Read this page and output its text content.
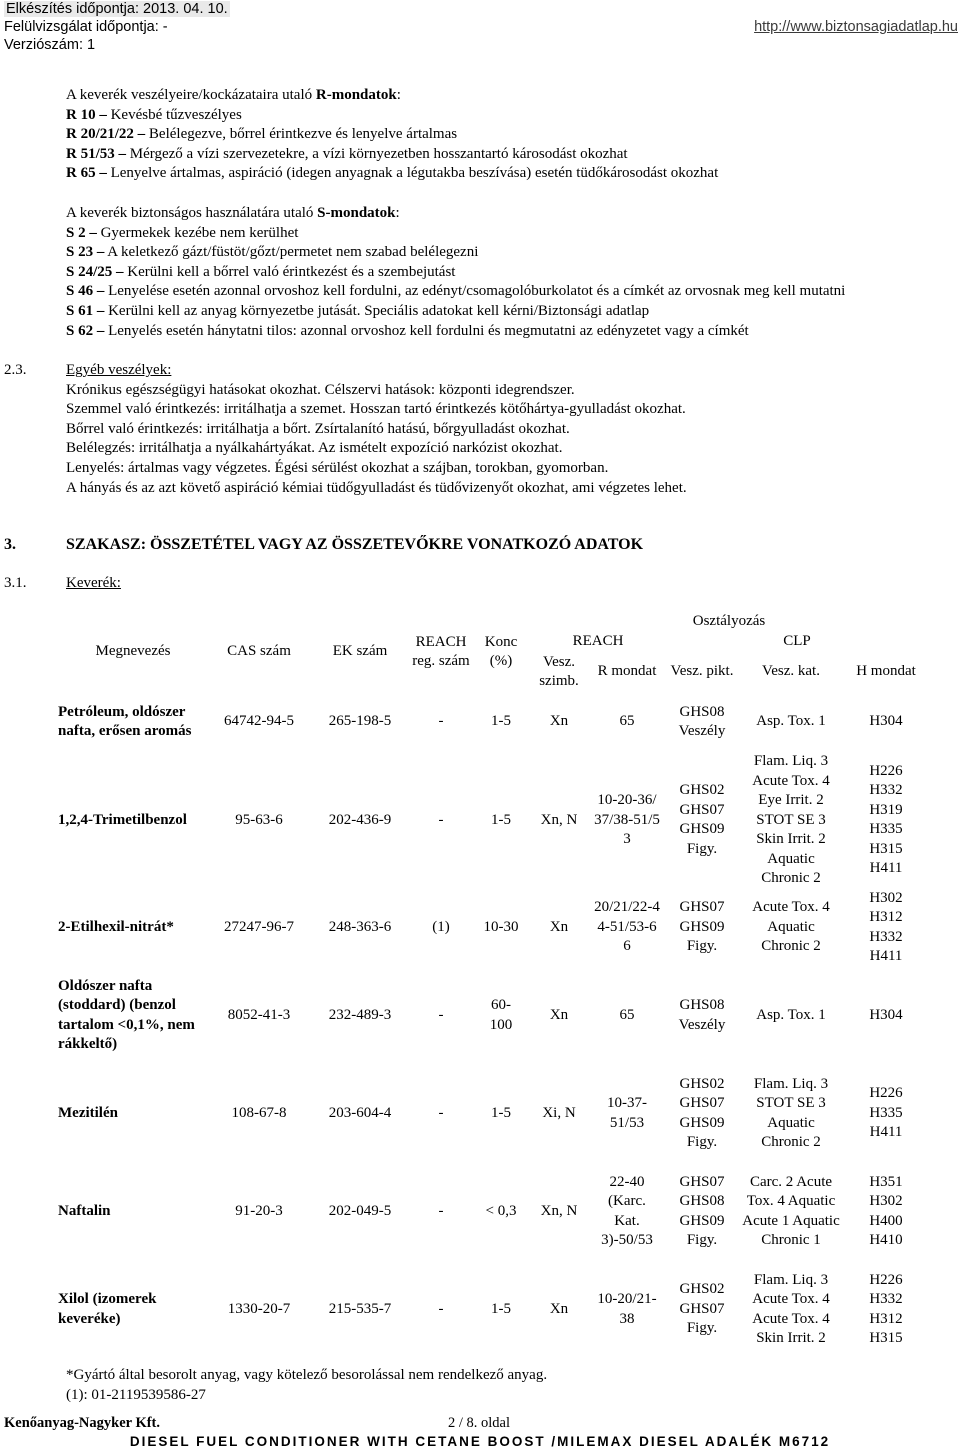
Elkészítés időpontja: 2013. 04. 10.
Felülvizsgálat időpontja: -
Verziószám: 1
http://www.biztonsagiadatlap.hu
A keverék veszélyeire/kockázataira utaló R-mondatok:
R 10 – Kevésbé tűzveszélyes
R 20/21/22 – Belélegezve, bőrrel érintkezve és lenyelve ártalmas
R 51/53 – Mérgező a vízi szervezetekre, a vízi környezetben hosszantartó károsodást okozhat
R 65 – Lenyelve ártalmas, aspiráció (idegen anyagnak a légutakba beszívása) esetén tüdőkárosodást okozhat
A keverék biztonságos használatára utaló S-mondatok:
S 2 – Gyermekek kezébe nem kerülhet
S 23 – A keletkező gázt/füstöt/gőzt/permetet nem szabad belélegezni
S 24/25 – Kerülni kell a bőrrel való érintkezést és a szembejutást
S 46 – Lenyelése esetén azonnal orvoshoz kell fordulni, az edényt/csomagolóburkolatot és a címkét az orvosnak meg kell mutatni
S 61 – Kerülni kell az anyag környezetbe jutását. Speciális adatokat kell kérni/Biztonsági adatlap
S 62 – Lenyelés esetén hánytatni tilos: azonnal orvoshoz kell fordulni és megmutatni az edényzetet vagy a címkét
2.3.	Egyéb veszélyek:
Krónikus egészségügyi hatásokat okozhat. Célszervi hatások: központi idegrendszer.
Szemmel való érintkezés: irritálhatja a szemet. Hosszan tartó érintkezés kötőhártya-gyulladást okozhat.
Bőrrel való érintkezés: irritálhatja a bőrt. Zsírtalanító hatású, bőrgyulladást okozhat.
Belélegzés: irritálhatja a nyálkahártyákat. Az ismételt expozíció narkózist okozhat.
Lenyelés: ártalmas vagy végzetes. Égési sérülést okozhat a szájban, torokban, gyomorban.
A hányás és az azt követő aspiráció kémiai tüdőgyulladást és tüdővizenyőt okozhat, ami végzetes lehet.
3.	SZAKASZ: ÖSSZETÉTEL VAGY AZ ÖSSZETEVŐKRE VONATKOZÓ ADATOK
3.1.	Keverék:
Megnevezés	CAS szám	EK szám	REACH reg. szám	Konc (%)	Osztályozás				
					REACH		CLP		
					Vesz. szimb.	R mondat	Vesz. pikt.	Vesz. kat.	H mondat
Petróleum, oldószer nafta, erősen aromás	64742-94-5	265-198-5	-	1-5	Xn	65	GHS08 Veszély	Asp. Tox. 1	H304
1,2,4-Trimetilbenzol	95-63-6	202-436-9	-	1-5	Xn, N	10-20-36/37/38-51/53	GHS02 GHS07 GHS09 Figy.	Flam. Liq. 3 Acute Tox. 4 Eye Irrit. 2 STOT SE 3 Skin Irrit. 2 Aquatic Chronic 2	H226 H332 H319 H335 H315 H411
2-Etilhexil-nitrát*	27247-96-7	248-363-6	(1)	10-30	Xn	20/21/22-44-51/53-66	GHS07 GHS09 Figy.	Acute Tox. 4 Aquatic Chronic 2	H302 H312 H332 H411
Oldószer nafta (stoddard) (benzol tartalom <0,1%, nem rákkeltő)	8052-41-3	232-489-3	-	60-100	Xn	65	GHS08 Veszély	Asp. Tox. 1	H304
Mezitilén	108-67-8	203-604-4	-	1-5	Xi, N	10-37-51/53	GHS02 GHS07 GHS09 Figy.	Flam. Liq. 3 STOT SE 3 Aquatic Chronic 2	H226 H335 H411
Naftalin	91-20-3	202-049-5	-	< 0,3	Xn, N	22-40 (Karc. Kat. 3)-50/53	GHS07 GHS08 GHS09 Figy.	Carc. 2 Acute Tox. 4 Aquatic Acute 1 Aquatic Chronic 1	H351 H302 H400 H410
Xilol (izomerek keveréke)	1330-20-7	215-535-7	-	1-5	Xn	10-20/21-38	GHS02 GHS07 Figy.	Flam. Liq. 3 Acute Tox. 4 Acute Tox. 4 Skin Irrit. 2	H226 H332 H312 H315
*Gyártó által besorolt anyag, vagy kötelező besorolással nem rendelkező anyag.
(1): 01-2119539586-27
Kenőanyag-Nagyker Kft.	2 / 8. oldal
DIESEL FUEL CONDITIONER WITH CETANE BOOST /MILEMAX DIESEL ADALÉK M6712
